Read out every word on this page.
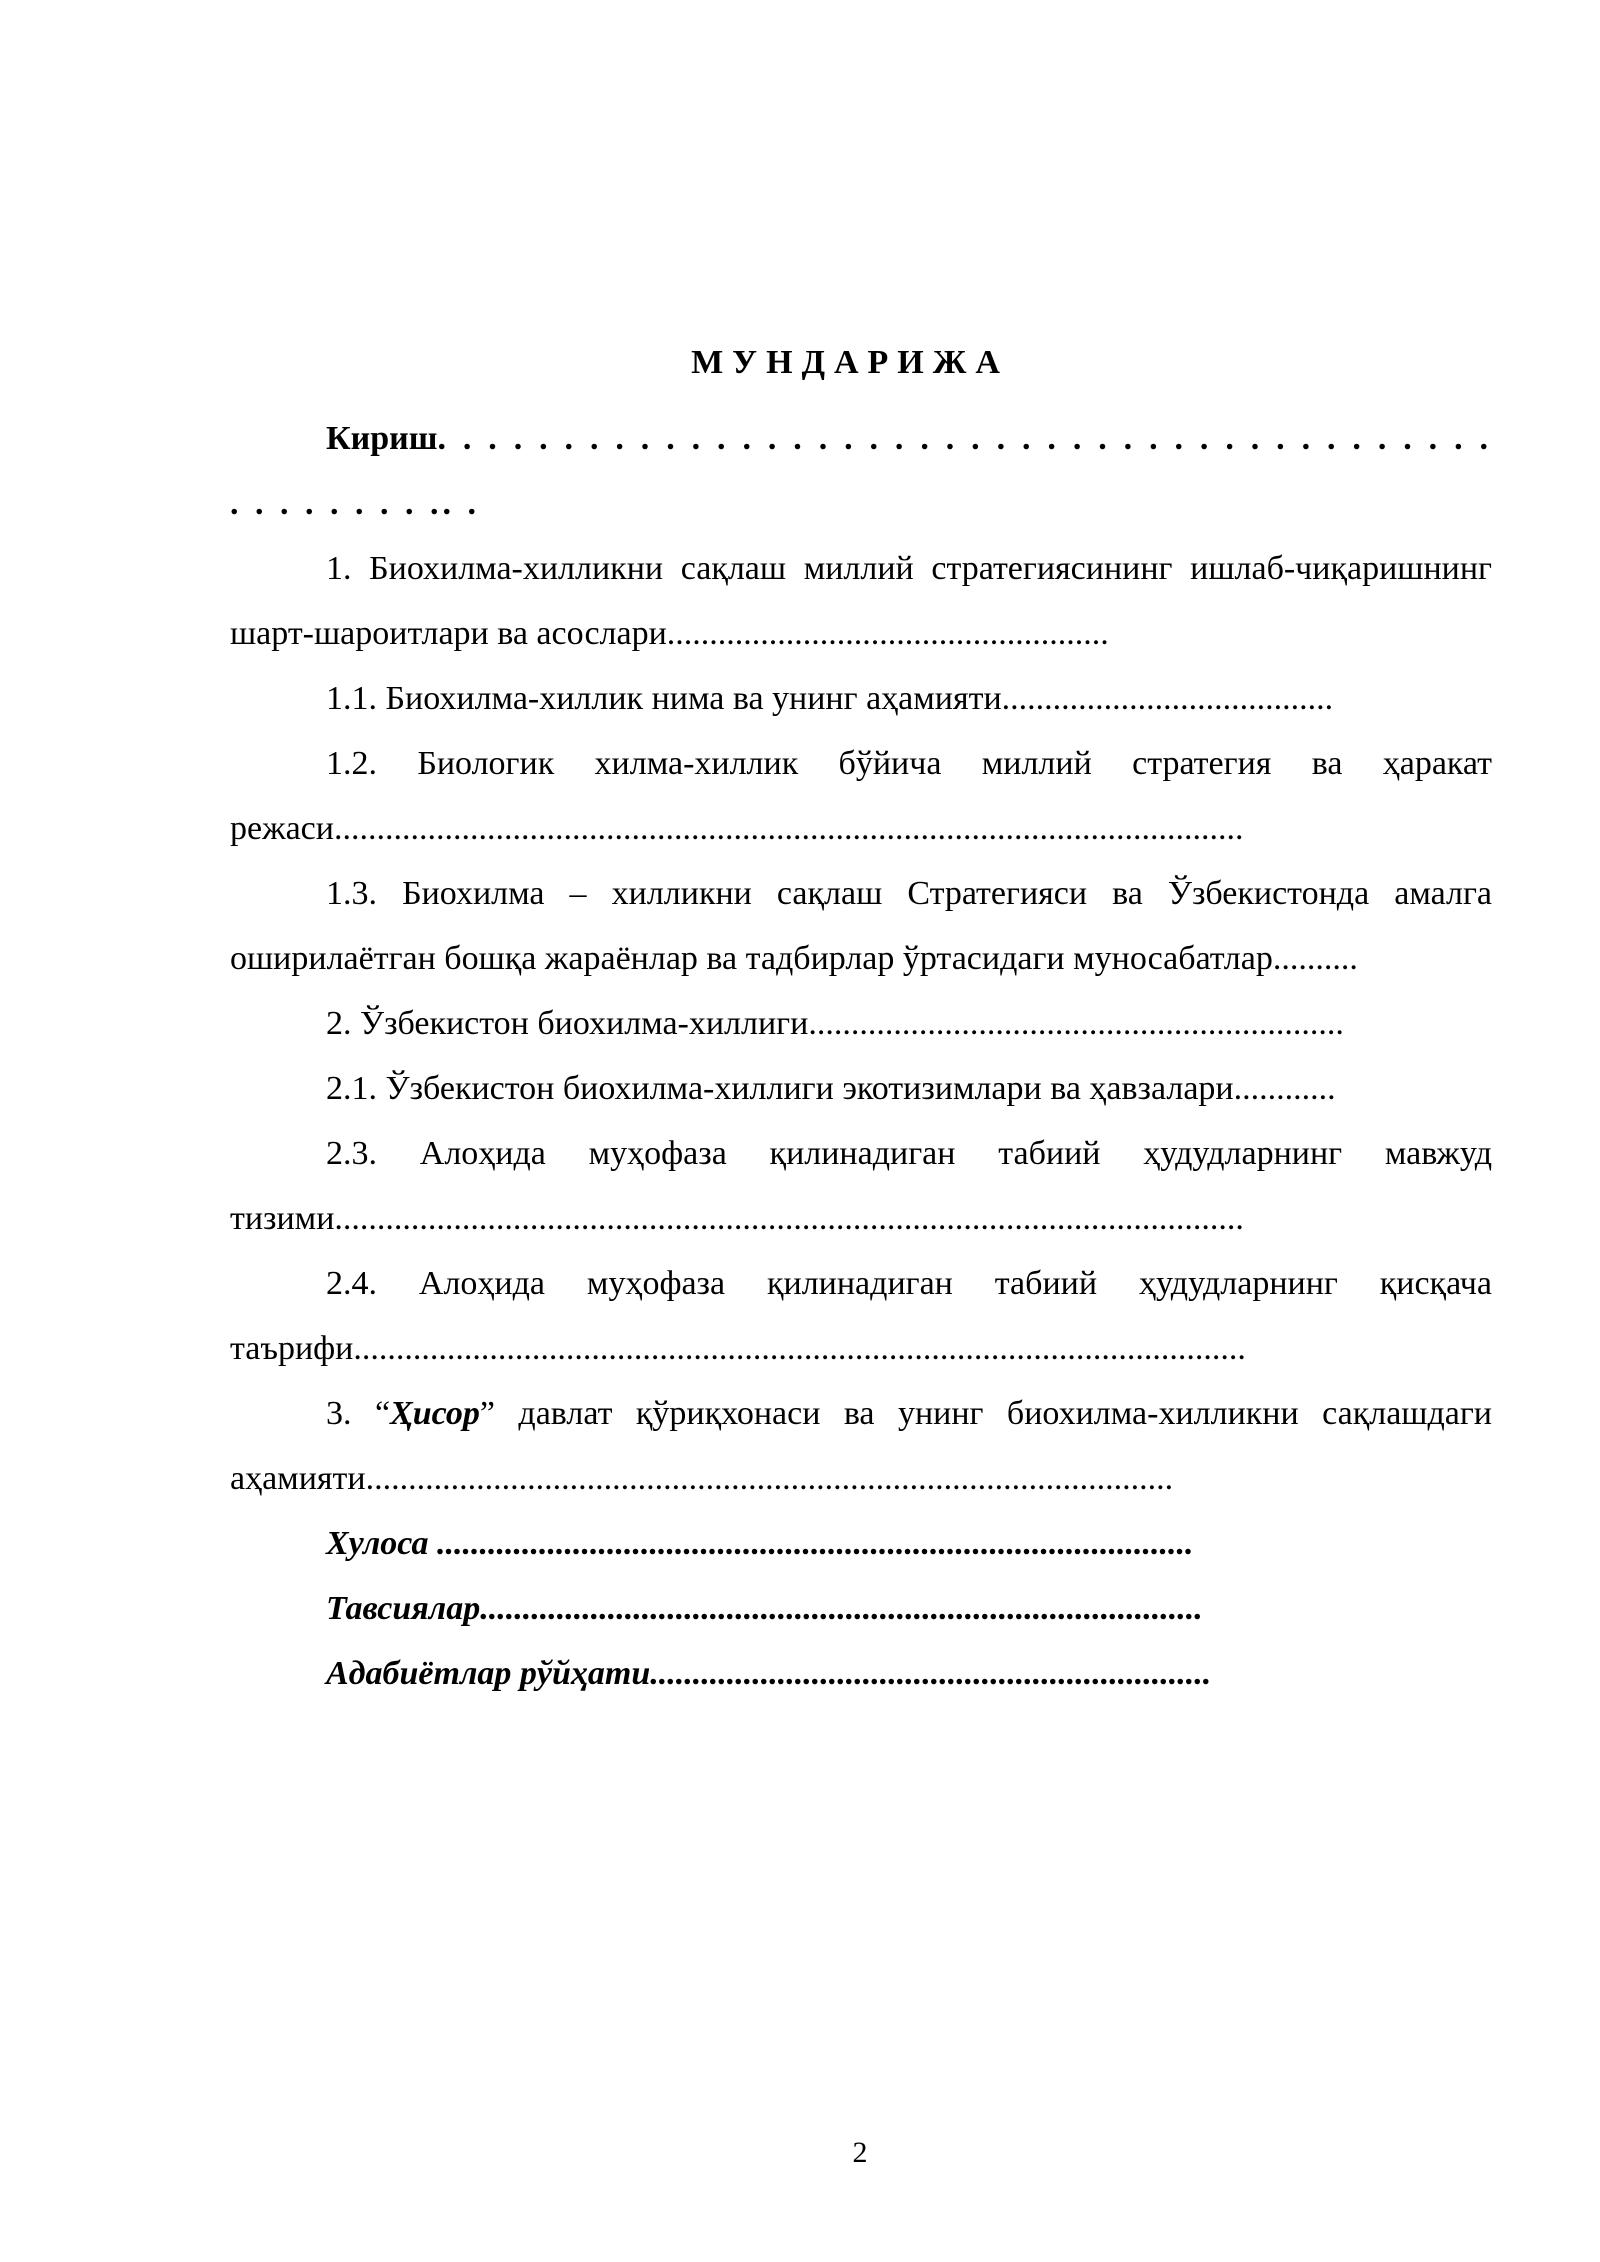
МУНДАРИЖА

Кириш. . . . . . . . . . . . . . . . . . . . . . . . . . . . . . . . . . . . . . . . . . . . . . . . . . .. .

1. Биохилма-хилликни сақлаш миллий стратегиясининг ишлаб-чиқаришнинг шарт-шароитлари ва асослари....................................................

1.1. Биохилма-хиллик нима ва унинг аҳамияти.......................................

1.2. Биологик хилма-хиллик бўйича миллий стратегия ва ҳаракат режаси...........................................................................................................

1.3. Биохилма – хилликни сақлаш Стратегияси ва Ўзбекистонда амалга оширилаётган бошқа жараёнлар ва тадбирлар ўртасидаги муносабатлар..........

2. Ўзбекистон биохилма-хиллиги...............................................................

2.1. Ўзбекистон биохилма-хиллиги экотизимлари ва ҳавзалари............

2.3. Алоҳида муҳофаза қилинадиган табиий ҳудудларнинг мавжуд тизими...........................................................................................................

2.4. Алоҳида муҳофаза қилинадиган табиий ҳудудларнинг қисқача таърифи.........................................................................................................

3. “Ҳисор” давлат қўриқхонаси ва унинг биохилма-хилликни сақлашдаги аҳамияти...............................................................................................

Хулоса .........................................................................................

Тавсиялар.....................................................................................

Адабиётлар рўйҳати..................................................................

2
